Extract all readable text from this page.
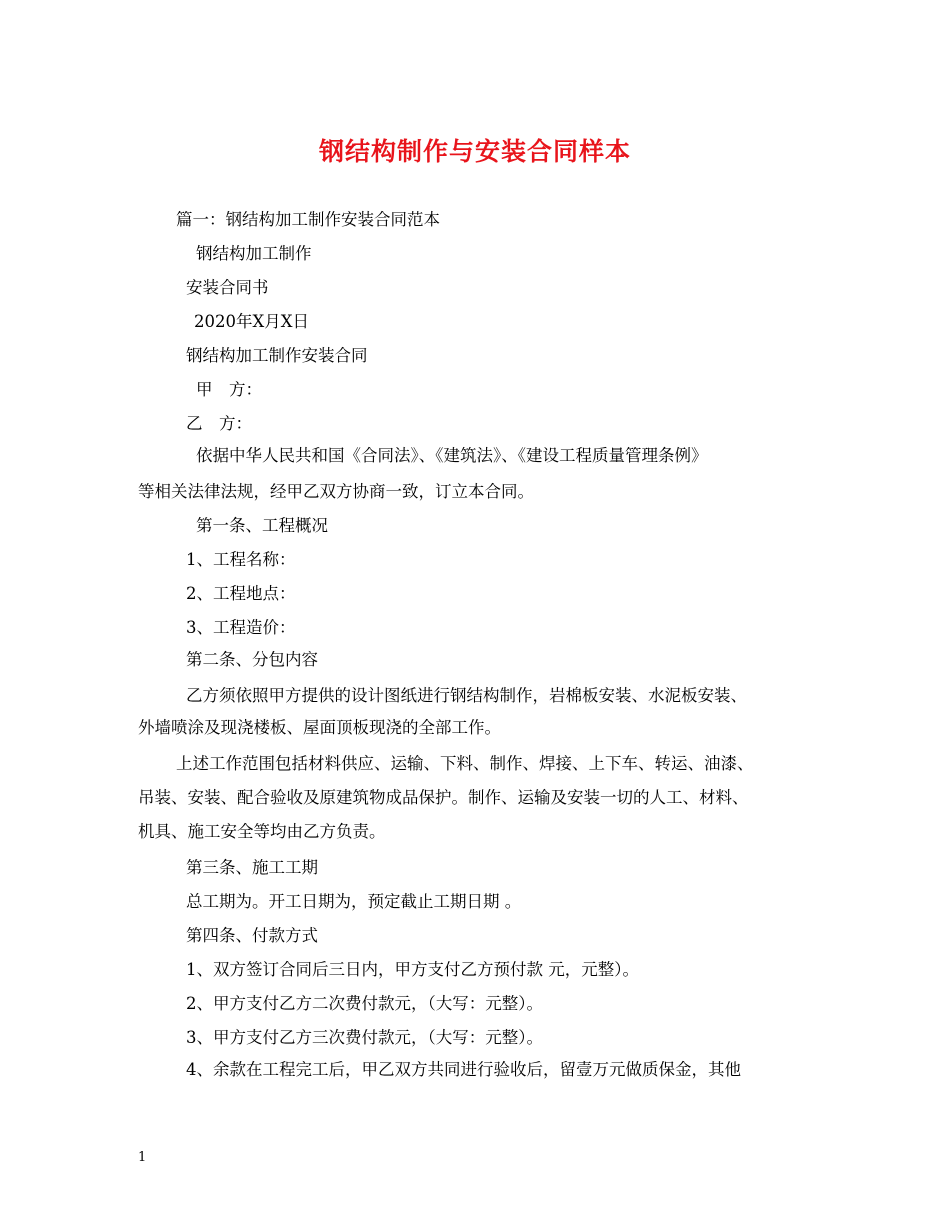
钢结构制作与安装合同样本
篇一：钢结构加工制作安装合同范本
钢结构加工制作
安装合同书
2020年X月X日
钢结构加工制作安装合同
甲　方：
乙　方：
依据中华人民共和国《合同法》、《建筑法》、《建设工程质量管理条例》
等相关法律法规，经甲乙双方协商一致，订立本合同。
第一条、工程概况
1、工程名称：
2、工程地点：
3、工程造价：
第二条、分包内容
乙方须依照甲方提供的设计图纸进行钢结构制作，岩棉板安装、水泥板安装、
外墙喷涂及现浇楼板、屋面顶板现浇的全部工作。
上述工作范围包括材料供应、运输、下料、制作、焊接、上下车、转运、油漆、
吊装、安装、配合验收及原建筑物成品保护。制作、运输及安装一切的人工、材料、
机具、施工安全等均由乙方负责。
第三条、施工工期
总工期为。开工日期为，预定截止工期日期 。
第四条、付款方式
1、双方签订合同后三日内，甲方支付乙方预付款 元，元整）。
2、甲方支付乙方二次费付款元，（大写：元整）。
3、甲方支付乙方三次费付款元，（大写：元整）。
4、余款在工程完工后，甲乙双方共同进行验收后，留壹万元做质保金，其他
1
